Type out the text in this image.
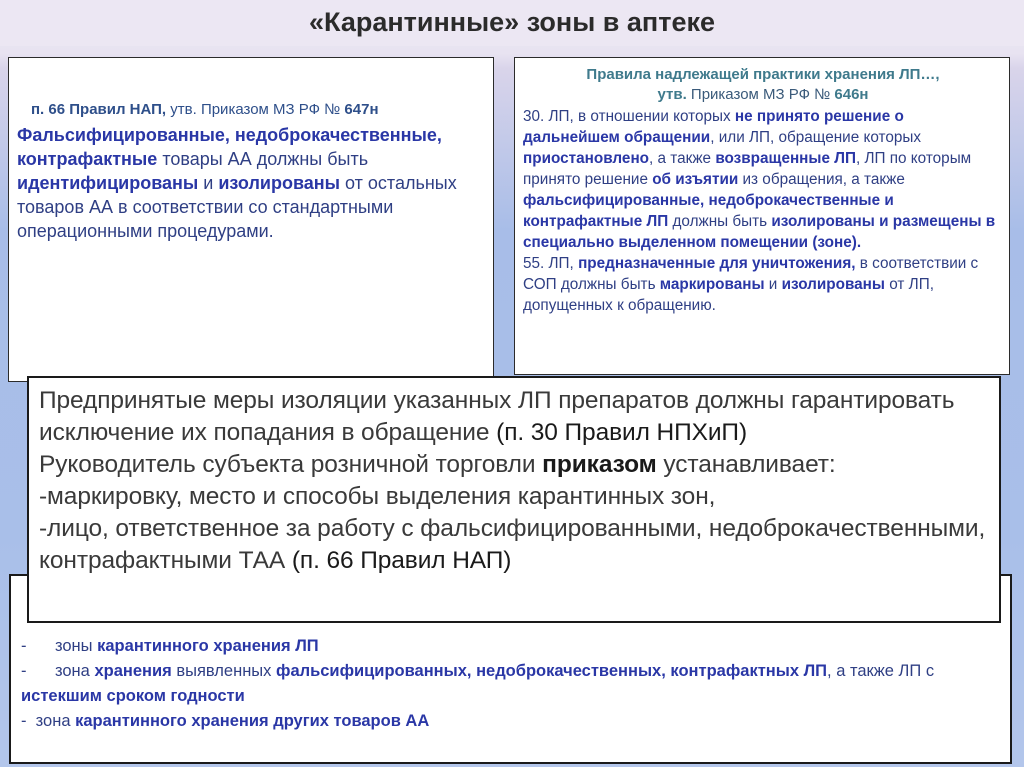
«Карантинные» зоны в аптеке
п. 66 Правил НАП, утв. Приказом МЗ РФ № 647н
Фальсифицированные, недоброкачественные, контрафактные товары АА должны быть идентифицированы и изолированы от остальных товаров АА в соответствии со стандартными операционными процедурами.
Правила надлежащей практики хранения ЛП…,
утв. Приказом МЗ РФ № 646н
30. ЛП, в отношении которых не принято решение о дальнейшем обращении, или ЛП, обращение которых приостановлено, а также возвращенные ЛП, ЛП по которым принято решение об изъятии из обращения, а также фальсифицированные, недоброкачественные и контрафактные ЛП должны быть изолированы и размещены в специально выделенном помещении (зоне).
55. ЛП, предназначенные для уничтожения, в соответствии с СОП должны быть маркированы и изолированы от ЛП, допущенных к обращению.
- зоны карантинного хранения ЛП
- зона хранения выявленных фальсифицированных, недоброкачественных, контрафактных ЛП, а также ЛП с истекшим сроком годности
- зона карантинного хранения других товаров АА
Предпринятые меры изоляции указанных ЛП препаратов должны гарантировать исключение их попадания в обращение (п. 30 Правил НПХиП)
Руководитель субъекта розничной торговли приказом устанавливает:
-маркировку, место и способы выделения карантинных зон,
-лицо, ответственное за работу с фальсифицированными, недоброкачественными, контрафактными ТАА (п. 66 Правил НАП)
